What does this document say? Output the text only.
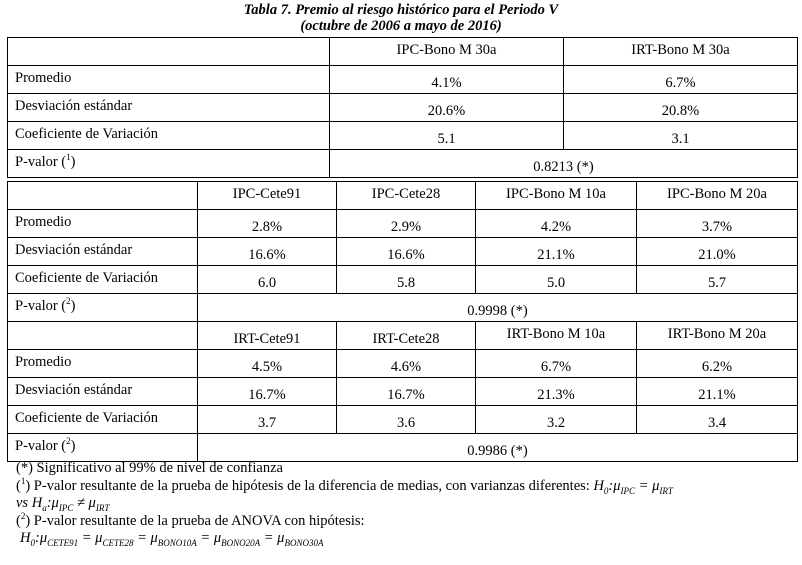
Tabla 7. Premio al riesgo histórico para el Periodo V
(octubre de 2006 a mayo de 2016)
	IPC-Bono M 30a	IRT-Bono M 30a
Promedio	4.1%	6.7%
Desviación estándar	20.6%	20.8%
Coeficiente de Variación	5.1	3.1
P-valor ($^1$)	0.8213 (*)	
	IPC-Cete91	IPC-Cete28	IPC-Bono M 10a	IPC-Bono M 20a
Promedio	2.8%	2.9%	4.2%	3.7%
Desviación estándar	16.6%	16.6%	21.1%	21.0%
Coeficiente de Variación	6.0	5.8	5.0	5.7
P-valor ($^2$)	0.9998 (*)			
	IRT-Cete91	IRT-Cete28	IRT-Bono M 10a	IRT-Bono M 20a
Promedio	4.5%	4.6%	6.7%	6.2%
Desviación estándar	16.7%	16.7%	21.3%	21.1%
Coeficiente de Variación	3.7	3.6	3.2	3.4
P-valor ($^2$)	0.9986 (*)			
(*) Significativo al 99% de nivel de confianza
($^1$) P-valor resultante de la prueba de hipótesis de la diferencia de medias, con varianzas diferentes: $H_0:\mu_{IPC} = \mu_{IRT}$
vs $H_a:\mu_{IPC} \ne \mu_{IRT}$
($^2$) P-valor resultante de la prueba de ANOVA con hipótesis:
$H_0:\mu_{CETE91} = \mu_{CETE28} = \mu_{BONO10A} = \mu_{BONO20A} = \mu_{BONO30A}$
